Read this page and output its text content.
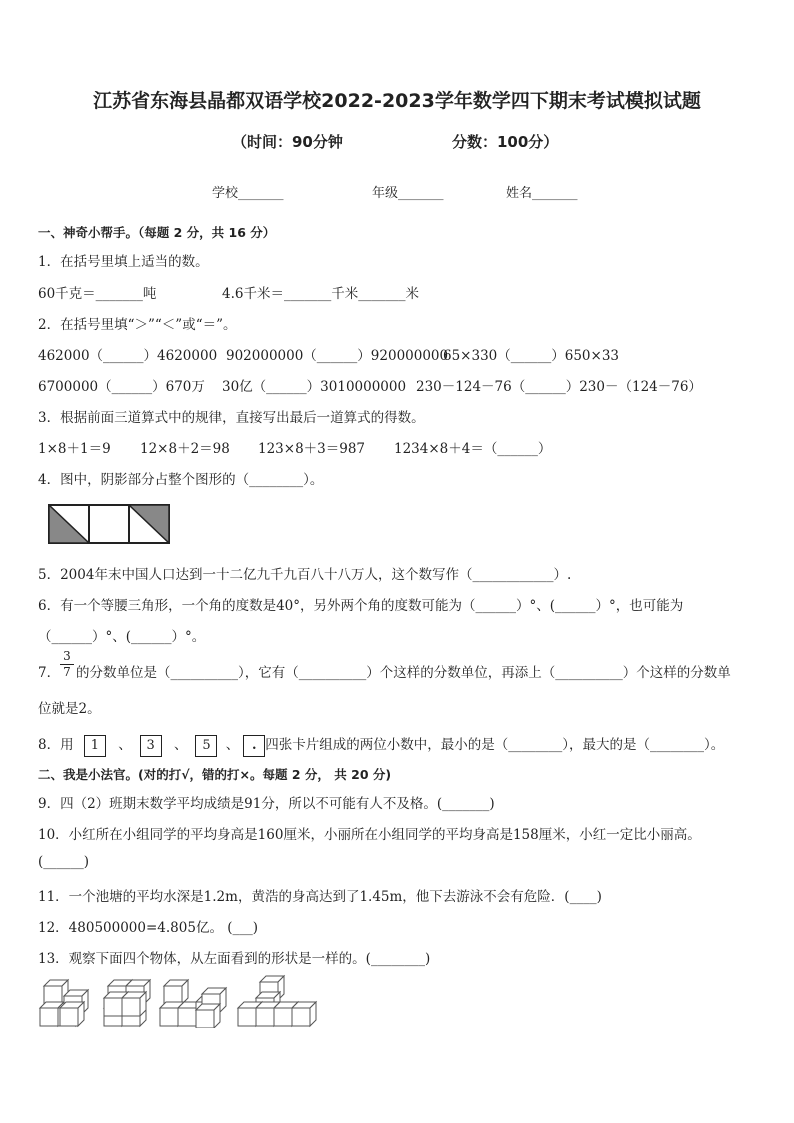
江苏省东海县晶都双语学校2022-2023学年数学四下期末考试模拟试题
（时间：90分钟	分数：100分）
学校_______	年级_______	姓名_______
一、神奇小帮手。（每题 2 分，共 16 分）
1．在括号里填上适当的数。
60千克＝_______吨	4.6千米＝_______千米_______米
2．在括号里填“＞”“＜”或“＝”。
462000（______）4620000 902000000（______）920000000
65×330（______）650×33
6700000（______）670万 30亿（______）3010000000 230－124－76（______）230－（124－76）
3．根据前面三道算式中的规律，直接写出最后一道算式的得数。
1×8＋1＝9 12×8＋2＝98 123×8＋3＝987 1234×8＋4＝（______）
4．图中，阴影部分占整个图形的（________）。
5．2004年末中国人口达到一十二亿九千九百八十八万人，这个数写作（____________）.
6．有一个等腰三角形，一个角的度数是40°，另外两个角的度数可能为（______）°、(______）°，也可能为
（______）°、(______）°。
7．
3
7 的分数单位是（__________），它有（__________）个这样的分数单位，再添上（__________）个这样的分数单
位就是2。
8．用 1 、 3 、 5 、 . 四张卡片组成的两位小数中，最小的是（________），最大的是（________）。
二、我是小法官。(对的打√，错的打×。每题 2 分， 共 20 分)
9．四（2）班期末数学平均成绩是91分，所以不可能有人不及格。(_______)
10．小红所在小组同学的平均身高是160厘米，小丽所在小组同学的平均身高是158厘米，小红一定比小丽高。
(______)
11．一个池塘的平均水深是1.2m，黄浩的身高达到了1.45m，他下去游泳不会有危险．(____)
12．480500000=4.805亿。 (___)
13．观察下面四个物体，从左面看到的形状是一样的。(________)
